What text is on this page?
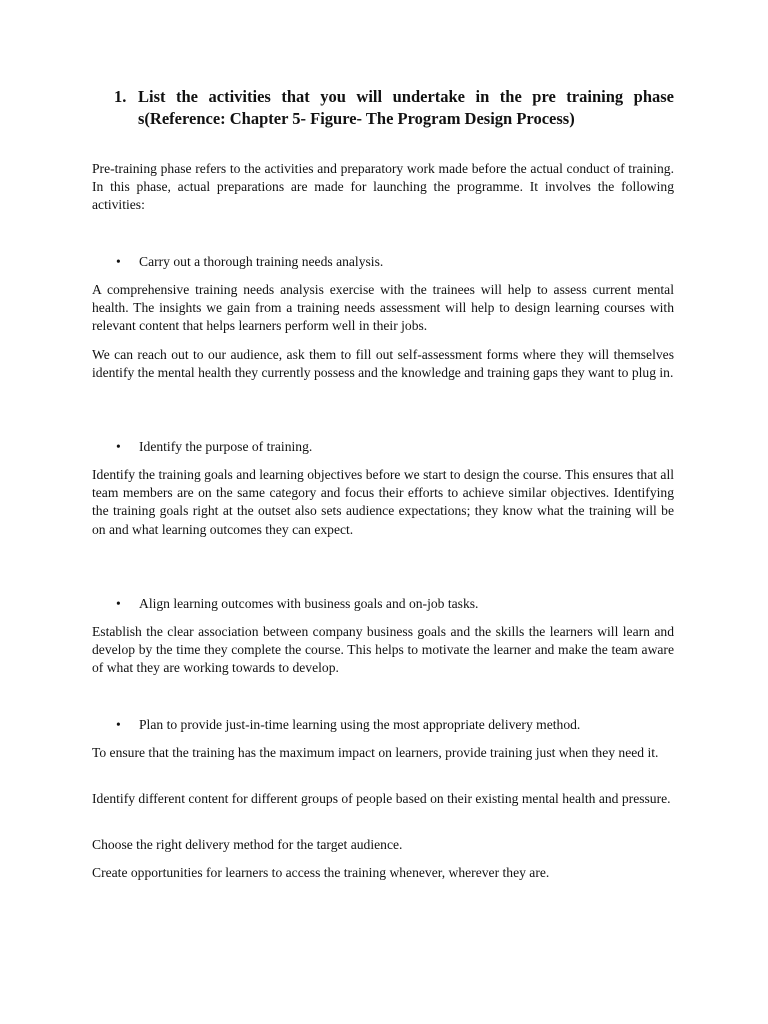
1. List the activities that you will undertake in the pre training phase s(Reference: Chapter 5- Figure- The Program Design Process)

Pre-training phase refers to the activities and preparatory work made before the actual conduct of training. In this phase, actual preparations are made for launching the programme. It involves the following activities:

•	Carry out a thorough training needs analysis.

A comprehensive training needs analysis exercise with the trainees will help to assess current mental health. The insights we gain from a training needs assessment will help to design learning courses with relevant content that helps learners perform well in their jobs.

We can reach out to our audience, ask them to fill out self-assessment forms where they will themselves identify the mental health they currently possess and the knowledge and training gaps they want to plug in.

•	Identify the purpose of training.

Identify the training goals and learning objectives before we start to design the course. This ensures that all team members are on the same category and focus their efforts to achieve similar objectives. Identifying the training goals right at the outset also sets audience expectations; they know what the training will be on and what learning outcomes they can expect.

•	Align learning outcomes with business goals and on-job tasks.

Establish the clear association between company business goals and the skills the learners will learn and develop by the time they complete the course. This helps to motivate the learner and make the team aware of what they are working towards to develop.

•	Plan to provide just-in-time learning using the most appropriate delivery method.

To ensure that the training has the maximum impact on learners, provide training just when they need it.

Identify different content for different groups of people based on their existing mental health and pressure.

Choose the right delivery method for the target audience.

Create opportunities for learners to access the training whenever, wherever they are.
